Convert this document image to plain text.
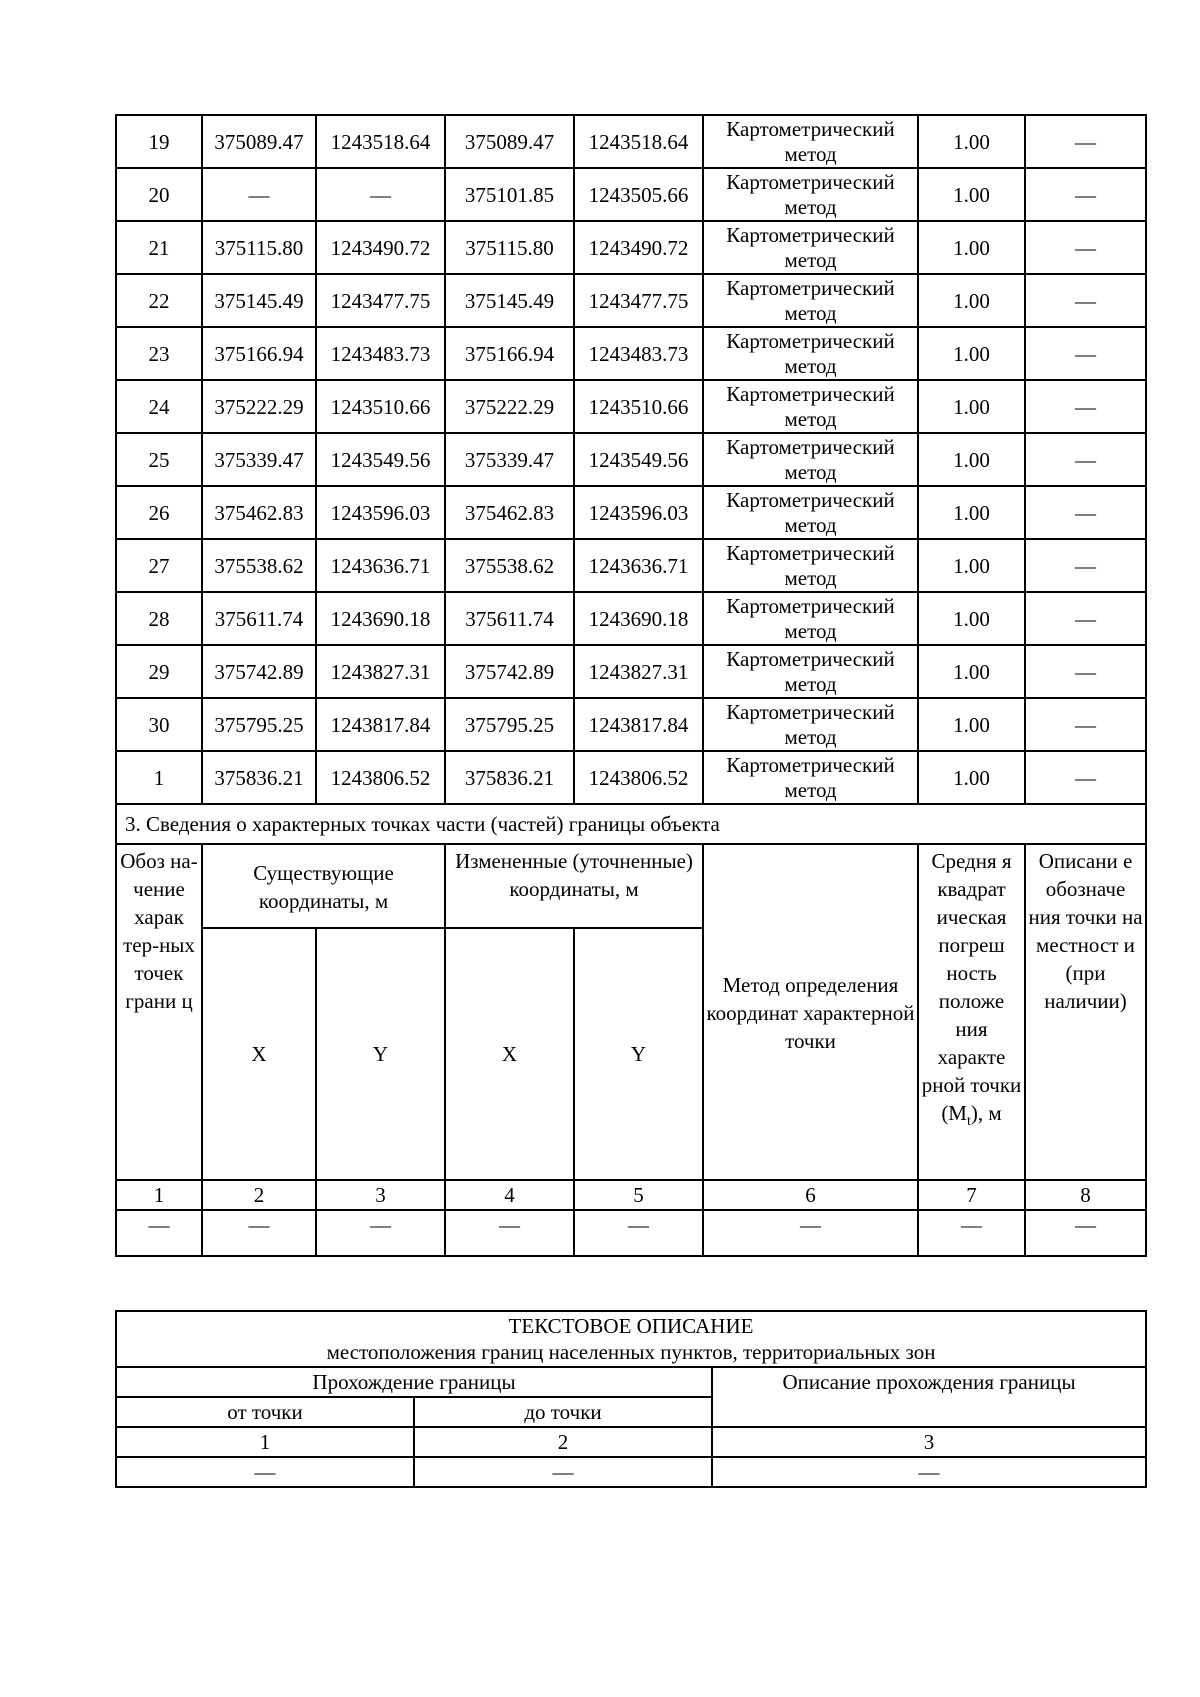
19	375089.47	1243518.64	375089.47	1243518.64	Картометрический метод	1.00	—
20	—	—	375101.85	1243505.66	Картометрический метод	1.00	—
21	375115.80	1243490.72	375115.80	1243490.72	Картометрический метод	1.00	—
22	375145.49	1243477.75	375145.49	1243477.75	Картометрический метод	1.00	—
23	375166.94	1243483.73	375166.94	1243483.73	Картометрический метод	1.00	—
24	375222.29	1243510.66	375222.29	1243510.66	Картометрический метод	1.00	—
25	375339.47	1243549.56	375339.47	1243549.56	Картометрический метод	1.00	—
26	375462.83	1243596.03	375462.83	1243596.03	Картометрический метод	1.00	—
27	375538.62	1243636.71	375538.62	1243636.71	Картометрический метод	1.00	—
28	375611.74	1243690.18	375611.74	1243690.18	Картометрический метод	1.00	—
29	375742.89	1243827.31	375742.89	1243827.31	Картометрический метод	1.00	—
30	375795.25	1243817.84	375795.25	1243817.84	Картометрический метод	1.00	—
1	375836.21	1243806.52	375836.21	1243806.52	Картометрический метод	1.00	—
3. Сведения о характерных точках части (частей) границы объекта							
Обоз на-чение харак тер-ных точек грани ц	Существующие координаты, м		Измененные (уточненные) координаты, м		Метод определения координат характерной точки	Средня я квадрат ическая погреш ность положе ния характе рной точки $(M_t)$, м	Описани е обозначе ния точки на местност и (при наличии)
	X	Y	X	Y			
1	2	3	4	5	6	7	8
—	—	—	—	—	—	—	—
ТЕКСТОВОЕ ОПИСАНИЕ
местоположения границ населенных пунктов, территориальных зон		

Прохождение границы		Описание прохождения границы
от точки	до точки	
1	2	3
—	—	—
